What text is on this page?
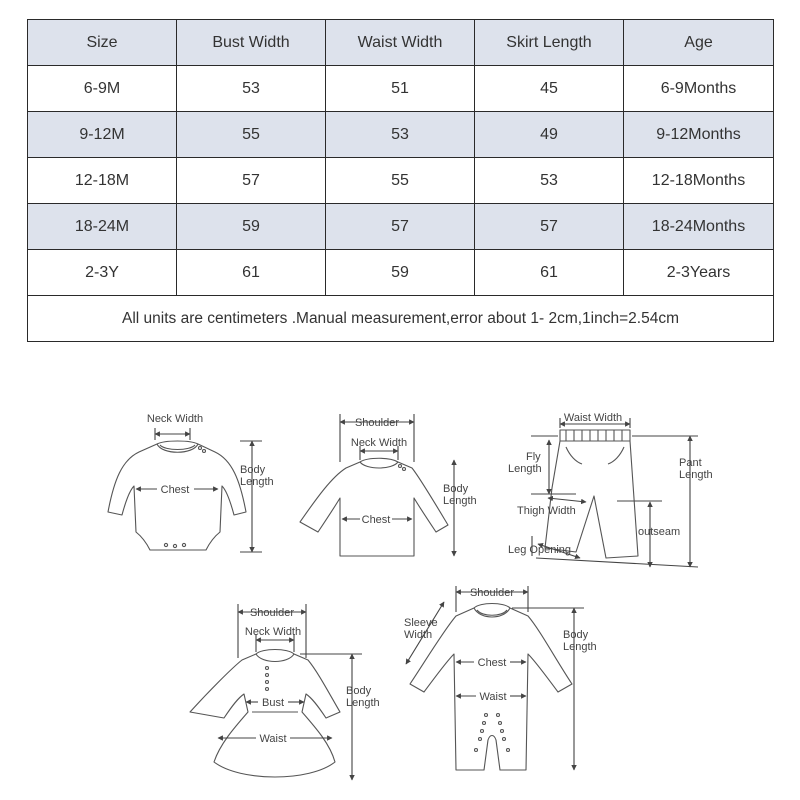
Size	Bust Width	Waist Width	Skirt Length	Age
6-9M	53	51	45	6-9Months
9-12M	55	53	49	9-12Months
12-18M	57	55	53	12-18Months
18-24M	59	57	57	18-24Months
2-3Y	61	59	61	2-3Years
All units are centimeters .Manual measurement,error about 1- 2cm,1inch=2.54cm				
Neck Width
Chest
Body
Length
Shoulder
Neck Width
Chest
Body
Length
Waist Width
Fly
Length
Thigh Width
Leg Opening
Pant
Length
outseam
Shoulder
Neck Width
Bust
Waist
Body
Length
Sleeve
Width
Shoulder
Chest
Waist
Body
Length
